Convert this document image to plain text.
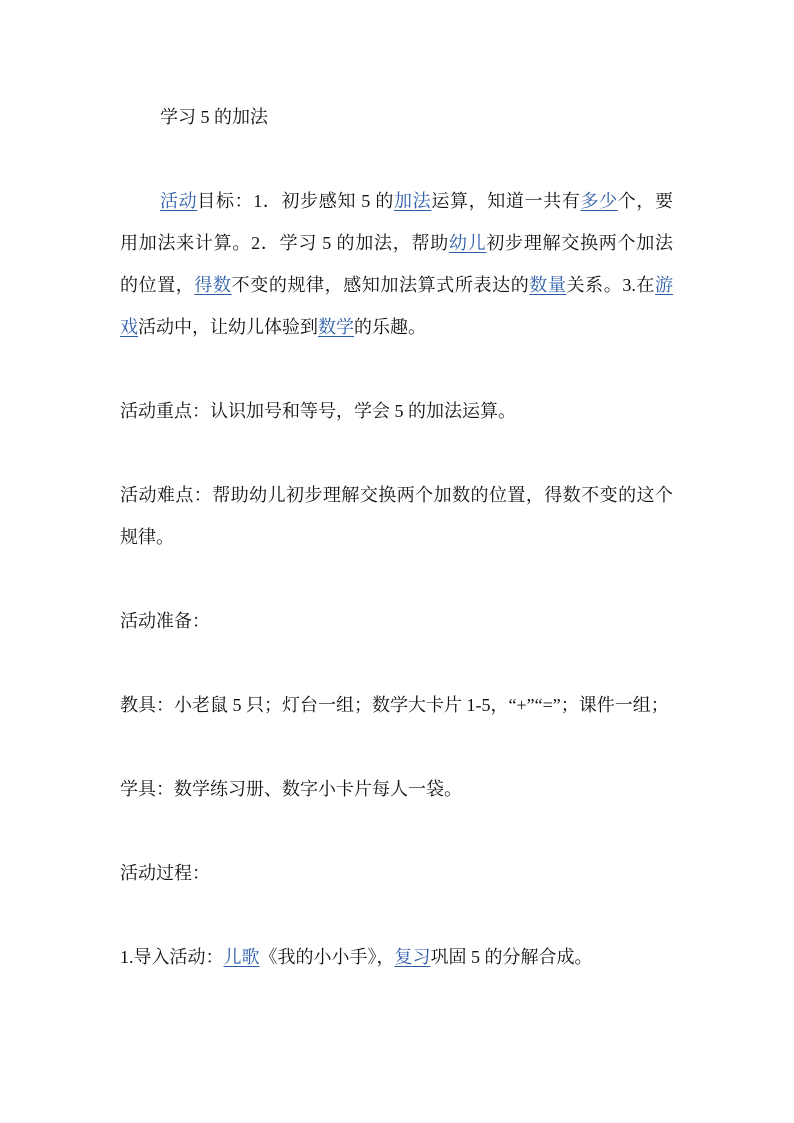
学习 5 的加法
活动目标：1．初步感知 5 的加法运算，知道一共有多少个，要
用加法来计算。2．学习 5 的加法，帮助幼儿初步理解交换两个加法
的位置，得数不变的规律，感知加法算式所表达的数量关系。3.在游
戏活动中，让幼儿体验到数学的乐趣。
活动重点：认识加号和等号，学会 5 的加法运算。
活动难点：帮助幼儿初步理解交换两个加数的位置，得数不变的这个
规律。
活动准备：
教具：小老鼠 5 只；灯台一组；数学大卡片 1-5，“+”“=”；课件一组；
学具：数学练习册、数字小卡片每人一袋。
活动过程：
1.导入活动：儿歌《我的小小手》，复习巩固 5 的分解合成。
